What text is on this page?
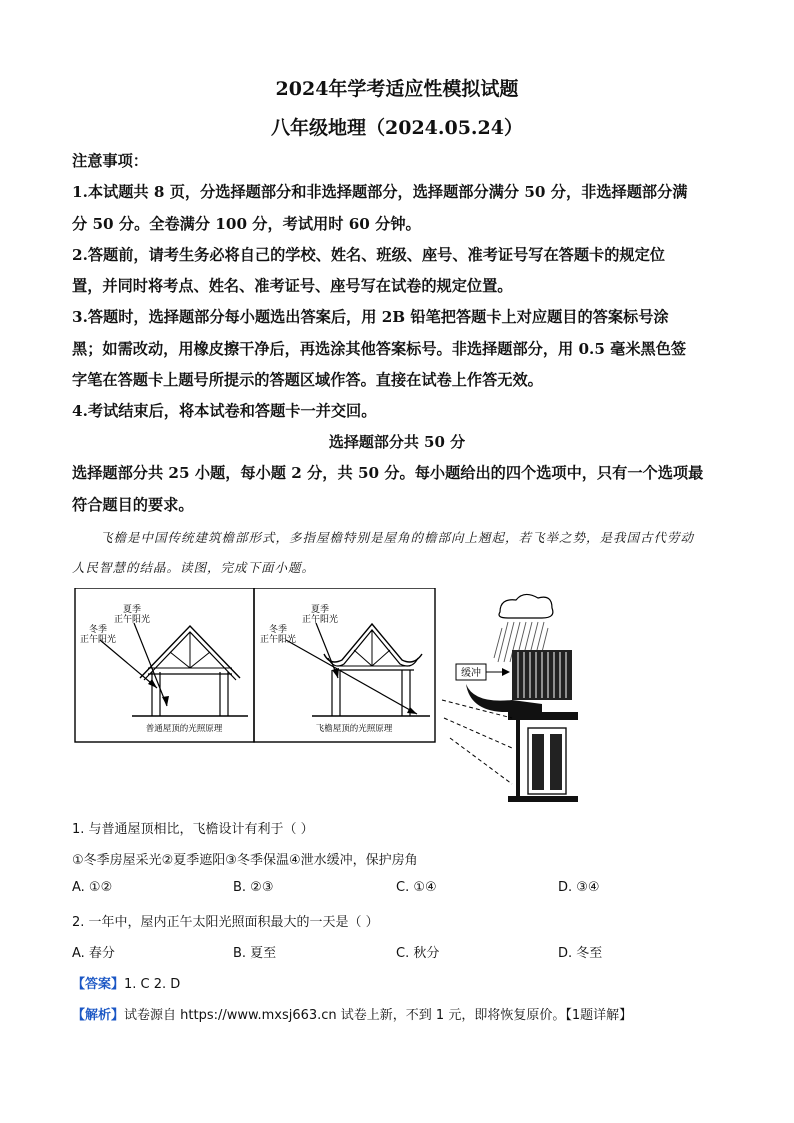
2024年学考适应性模拟试题
八年级地理（2024.05.24）
注意事项：
1.本试题共 8 页，分选择题部分和非选择题部分，选择题部分满分 50 分，非选择题部分满
分 50 分。全卷满分 100 分，考试用时 60 分钟。
2.答题前，请考生务必将自己的学校、姓名、班级、座号、准考证号写在答题卡的规定位
置，并同时将考点、姓名、准考证号、座号写在试卷的规定位置。
3.答题时，选择题部分每小题选出答案后，用 2B 铅笔把答题卡上对应题目的答案标号涂
黑；如需改动，用橡皮擦干净后，再选涂其他答案标号。非选择题部分，用 0.5 毫米黑色签
字笔在答题卡上题号所提示的答题区域作答。直接在试卷上作答无效。
4.考试结束后，将本试卷和答题卡一并交回。
选择题部分共 50 分
选择题部分共 25 小题，每小题 2 分，共 50 分。每小题给出的四个选项中，只有一个选项最
符合题目的要求。
飞檐是中国传统建筑檐部形式，多指屋檐特别是屋角的檐部向上翘起，若飞举之势，是我国古代劳动
人民智慧的结晶。读图，完成下面小题。
夏季
正午阳光
冬季
正午阳光
普通屋顶的光照原理
夏季
正午阳光
冬季
正午阳光
飞檐屋顶的光照原理
缓冲
1. 与普通屋顶相比，飞檐设计有利于（ ）
①冬季房屋采光②夏季遮阳③冬季保温④泄水缓冲，保护房角
A. ①②	B. ②③	C. ①④	D. ③④
2. 一年中，屋内正午太阳光照面积最大的一天是（ ）
A. 春分	B. 夏至	C. 秋分	D. 冬至
【答案】1. C 2. D
【解析】试卷源自 https://www.mxsj663.cn 试卷上新，不到 1 元，即将恢复原价。【1题详解】
